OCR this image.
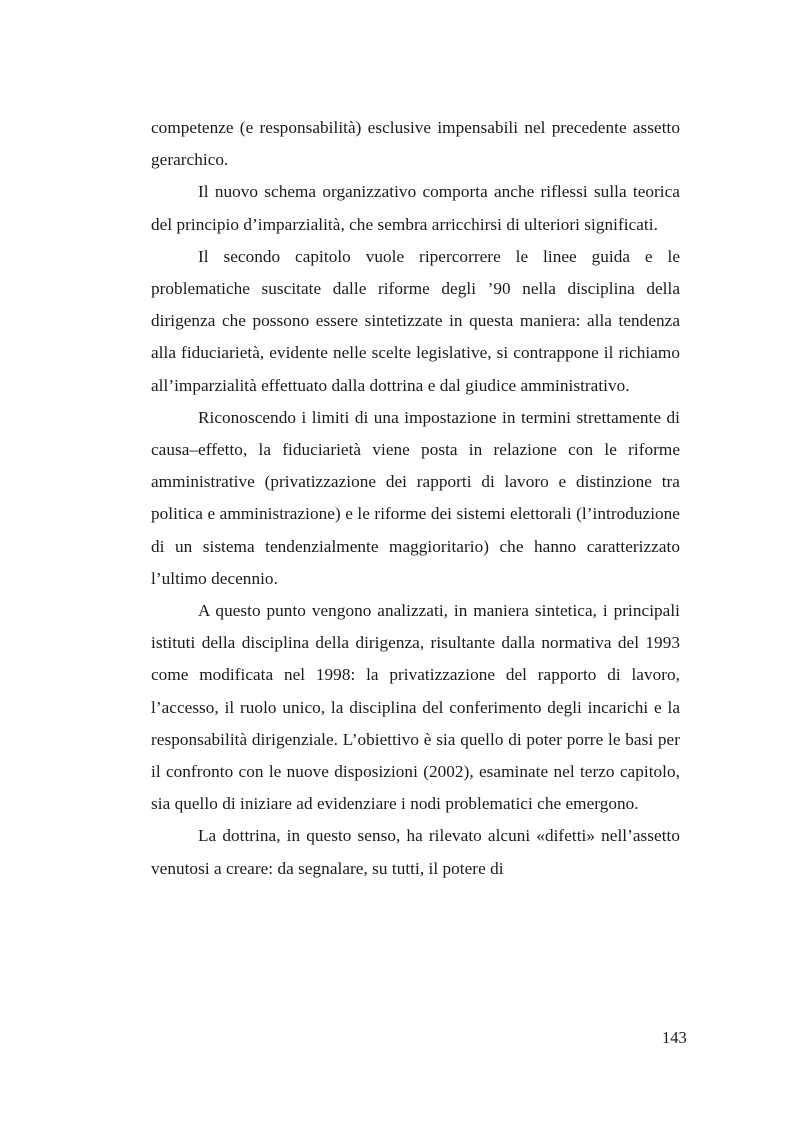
competenze (e responsabilità) esclusive impensabili nel precedente assetto gerarchico.

Il nuovo schema organizzativo comporta anche riflessi sulla teorica del principio d’imparzialità, che sembra arricchirsi di ulteriori significati.

Il secondo capitolo vuole ripercorrere le linee guida e le problematiche suscitate dalle riforme degli ’90 nella disciplina della dirigenza che possono essere sintetizzate in questa maniera: alla tendenza alla fiduciarietà, evidente nelle scelte legislative, si contrappone il richiamo all’imparzialità effettuato dalla dottrina e dal giudice amministrativo.

Riconoscendo i limiti di una impostazione in termini strettamente di causa–effetto, la fiduciarietà viene posta in relazione con le riforme amministrative (privatizzazione dei rapporti di lavoro e distinzione tra politica e amministrazione) e le riforme dei sistemi elettorali (l’introduzione di un sistema tendenzialmente maggioritario) che hanno caratterizzato l’ultimo decennio.

A questo punto vengono analizzati, in maniera sintetica, i principali istituti della disciplina della dirigenza, risultante dalla normativa del 1993 come modificata nel 1998: la privatizzazione del rapporto di lavoro, l’accesso, il ruolo unico, la disciplina del conferimento degli incarichi e la responsabilità dirigenziale. L’obiettivo è sia quello di poter porre le basi per il confronto con le nuove disposizioni (2002), esaminate nel terzo capitolo, sia quello di iniziare ad evidenziare i nodi problematici che emergono.

La dottrina, in questo senso, ha rilevato alcuni «difetti» nell’assetto venutosi a creare: da segnalare, su tutti, il potere di

143
